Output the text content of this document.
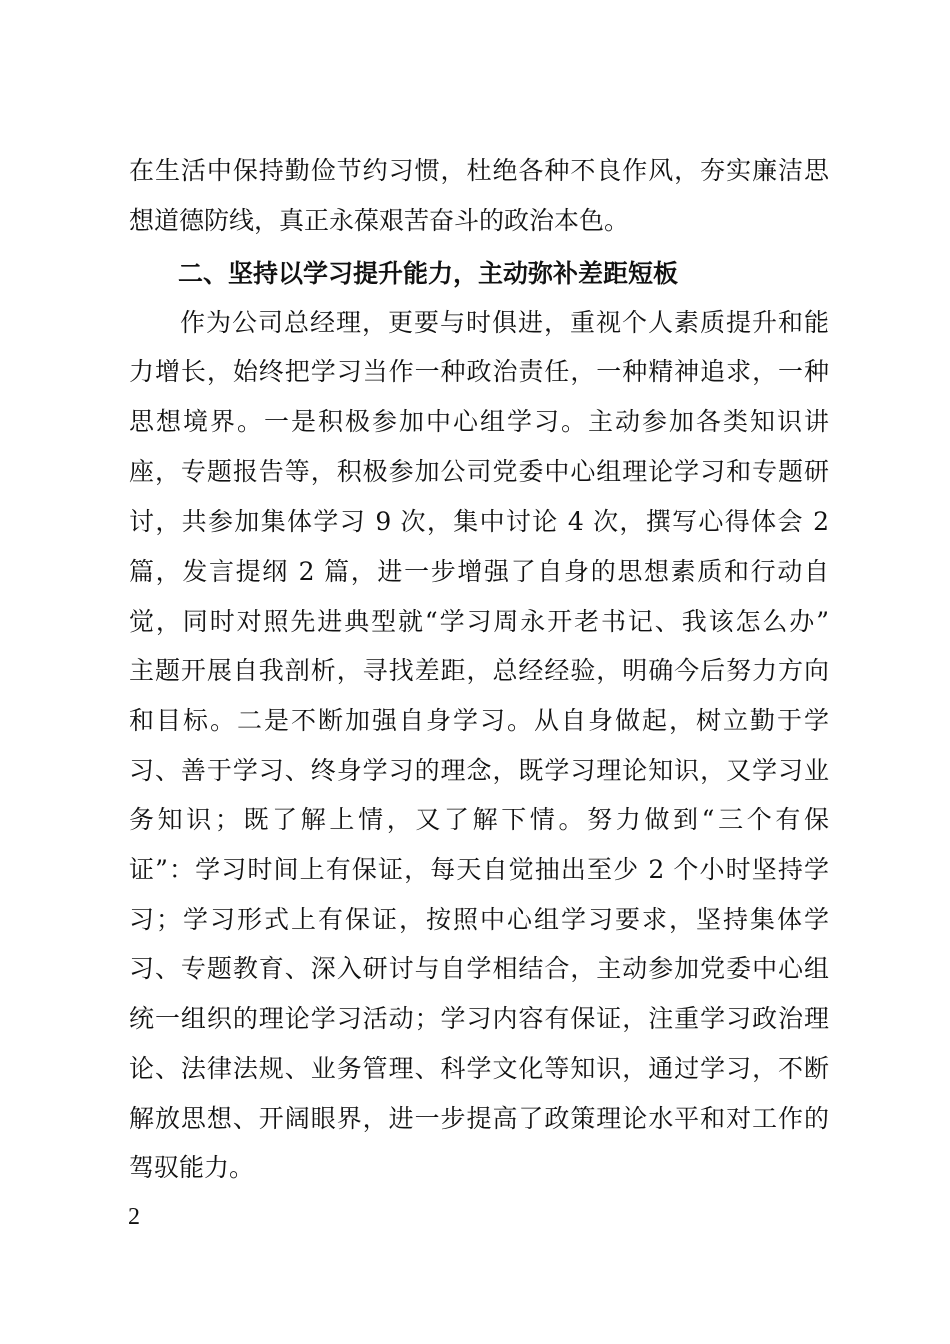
在生活中保持勤俭节约习惯，杜绝各种不良作风，夯实廉洁思
想道德防线，真正永葆艰苦奋斗的政治本色。
二、坚持以学习提升能力，主动弥补差距短板
作为公司总经理，更要与时俱进，重视个人素质提升和能
力增长，始终把学习当作一种政治责任，一种精神追求，一种
思想境界。一是积极参加中心组学习。主动参加各类知识讲
座，专题报告等，积极参加公司党委中心组理论学习和专题研
讨，共参加集体学习 9 次，集中讨论 4 次，撰写心得体会 2
篇，发言提纲 2 篇，进一步增强了自身的思想素质和行动自
觉，同时对照先进典型就“学习周永开老书记、我该怎么办”
主题开展自我剖析，寻找差距，总经经验，明确今后努力方向
和目标。二是不断加强自身学习。从自身做起，树立勤于学
习、善于学习、终身学习的理念，既学习理论知识，又学习业
务知识；既了解上情，又了解下情。努力做到“三个有保
证”：学习时间上有保证，每天自觉抽出至少 2 个小时坚持学
习；学习形式上有保证，按照中心组学习要求，坚持集体学
习、专题教育、深入研讨与自学相结合，主动参加党委中心组
统一组织的理论学习活动；学习内容有保证，注重学习政治理
论、法律法规、业务管理、科学文化等知识，通过学习，不断
解放思想、开阔眼界，进一步提高了政策理论水平和对工作的
驾驭能力。
2
